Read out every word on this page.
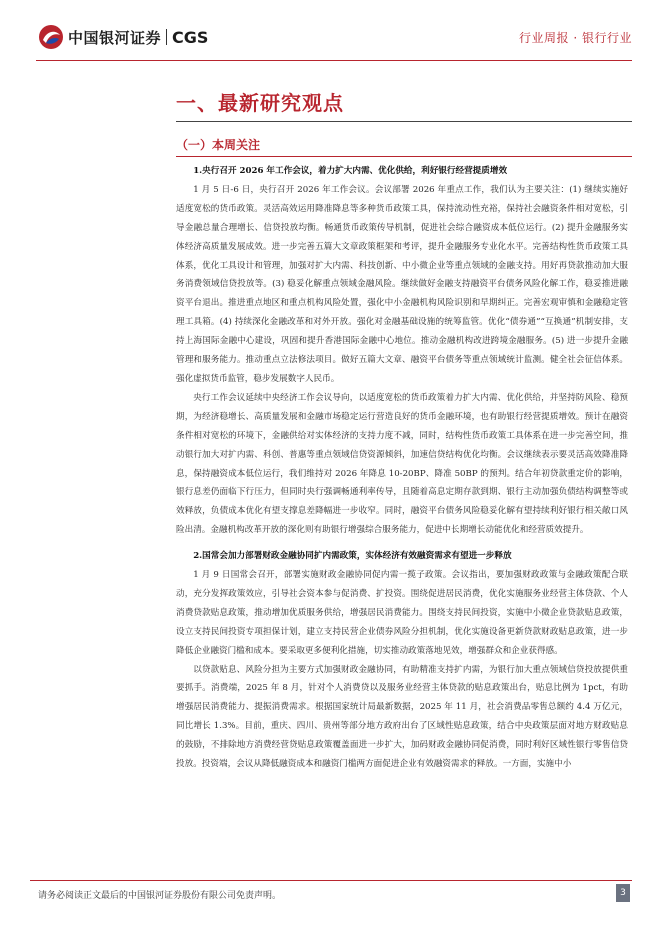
中国银河证券 CGS	行业周报 · 银行行业
一、最新研究观点
（一）本周关注
1.央行召开 2026 年工作会议，着力扩大内需、优化供给，利好银行经营提质增效

1 月 5 日-6 日，央行召开 2026 年工作会议。会议部署 2026 年重点工作，我们认为主要关注：(1) 继续实施好适度宽松的货币政策。灵活高效运用降准降息等多种货币政策工具，保持流动性充裕，保持社会融资条件相对宽松，引导金融总量合理增长、信贷投放均衡。畅通货币政策传导机制，促进社会综合融资成本低位运行。(2) 提升金融服务实体经济高质量发展成效。进一步完善五篇大文章政策框架和考评，提升金融服务专业化水平。完善结构性货币政策工具体系，优化工具设计和管理，加强对扩大内需、科技创新、中小微企业等重点领域的金融支持。用好再贷款推动加大服务消费领域信贷投放等。(3) 稳妥化解重点领域金融风险。继续做好金融支持融资平台债务风险化解工作，稳妥推进融资平台退出。推进重点地区和重点机构风险处置，强化中小金融机构风险识别和早期纠正。完善宏观审慎和金融稳定管理工具箱。(4) 持续深化金融改革和对外开放。强化对金融基础设施的统筹监管。优化“债券通”“互换通”机制安排，支持上海国际金融中心建设，巩固和提升香港国际金融中心地位。推动金融机构改进跨境金融服务。(5) 进一步提升金融管理和服务能力。推动重点立法修法项目。做好五篇大文章、融资平台债务等重点领域统计监测。健全社会征信体系。强化虚拟货币监管，稳步发展数字人民币。

央行工作会议延续中央经济工作会议导向，以适度宽松的货币政策着力扩大内需、优化供给，并坚持防风险、稳预期，为经济稳增长、高质量发展和金融市场稳定运行营造良好的货币金融环境，也有助银行经营提质增效。预计在融资条件相对宽松的环境下，金融供给对实体经济的支持力度不减，同时，结构性货币政策工具体系在进一步完善空间，推动银行加大对扩内需、科创、普惠等重点领域信贷资源倾斜，加速信贷结构优化均衡。会议继续表示要灵活高效降准降息，保持融资成本低位运行，我们维持对 2026 年降息 10-20BP、降准 50BP 的预判。结合年初贷款重定价的影响，银行息差仍面临下行压力，但同时央行强调畅通利率传导，且随着高息定期存款到期、银行主动加强负债结构调整等或效释放，负债成本优化有望支撑息差降幅进一步收窄。同时，融资平台债务风险稳妥化解有望持续利好银行相关敞口风险出清。金融机构改革开放的深化则有助银行增强综合服务能力，促进中长期增长动能优化和经营质效提升。

2.国常会加力部署财政金融协同扩内需政策，实体经济有效融资需求有望进一步释放

1 月 9 日国常会召开，部署实施财政金融协同促内需一揽子政策。会议指出，要加强财政政策与金融政策配合联动，充分发挥政策效应，引导社会资本参与促消费、扩投资。围绕促进居民消费，优化实施服务业经营主体贷款、个人消费贷款贴息政策，推动增加优质服务供给，增强居民消费能力。围绕支持民间投资，实施中小微企业贷款贴息政策，设立支持民间投资专项担保计划，建立支持民营企业债券风险分担机制，优化实施设备更新贷款财政贴息政策，进一步降低企业融资门槛和成本。要采取更多便利化措施，切实推动政策落地见效，增强群众和企业获得感。

以贷款贴息、风险分担为主要方式加强财政金融协同，有助精准支持扩内需，为银行加大重点领域信贷投放提供重要抓手。消费端，2025 年 8 月，针对个人消费贷以及服务业经营主体贷款的贴息政策出台，贴息比例为 1pct，有助增强居民消费能力、提振消费需求。根据国家统计局最新数据，2025 年 11 月，社会消费品零售总额约 4.4 万亿元，同比增长 1.3%。目前，重庆、四川、贵州等部分地方政府出台了区域性贴息政策，结合中央政策层面对地方财政贴息的鼓励，不排除地方消费经营贷贴息政策覆盖面进一步扩大，加码财政金融协同促消费，同时利好区域性银行零售信贷投放。投资端，会议从降低融资成本和融资门槛两方面促进企业有效融资需求的释放。一方面，实施中小

请务必阅读正文最后的中国银河证券股份有限公司免责声明。	3
